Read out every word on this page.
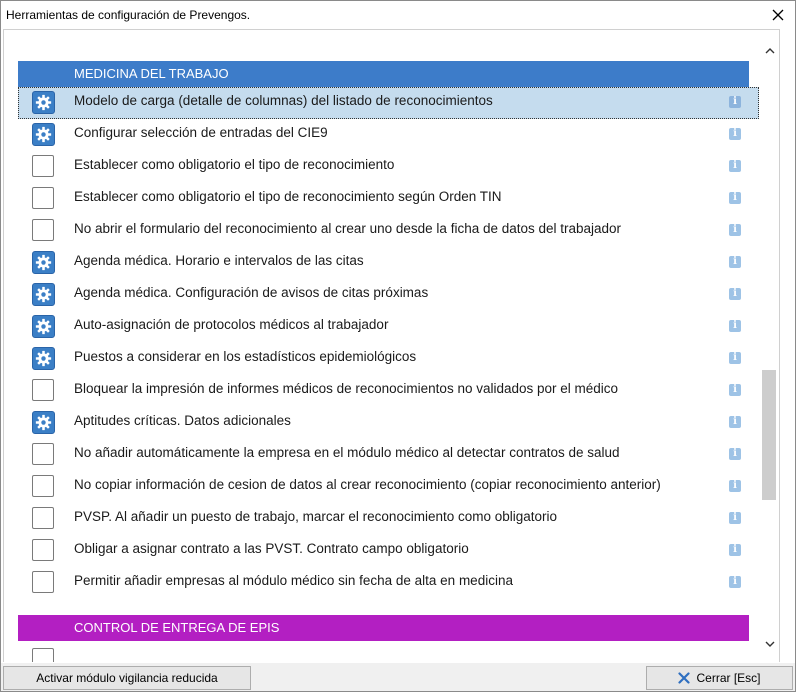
Herramientas de configuración de Prevengos.
MEDICINA DEL TRABAJO
Modelo de carga (detalle de columnas) del listado de reconocimientos	i
Configurar selección de entradas del CIE9	i
Establecer como obligatorio el tipo de reconocimiento	i
Establecer como obligatorio el tipo de reconocimiento según Orden TIN	i
No abrir el formulario del reconocimiento al crear uno desde la ficha de datos del trabajador	i
Agenda médica. Horario e intervalos de las citas	i
Agenda médica. Configuración de avisos de citas próximas	i
Auto-asignación de protocolos médicos al trabajador	i
Puestos a considerar en los estadísticos epidemiológicos	i
Bloquear la impresión de informes médicos de reconocimientos no validados por el médico	i
Aptitudes críticas. Datos adicionales	i
No añadir automáticamente la empresa en el módulo médico al detectar contratos de salud	i
No copiar información de cesion de datos al crear reconocimiento (copiar reconocimiento anterior)	i
PVSP. Al añadir un puesto de trabajo, marcar el reconocimiento como obligatorio	i
Obligar a asignar contrato a las PVST. Contrato campo obligatorio	i
Permitir añadir empresas al módulo médico sin fecha de alta en medicina	i
CONTROL DE ENTREGA DE EPIS
Activar módulo vigilancia reducida	Cerrar [Esc]
